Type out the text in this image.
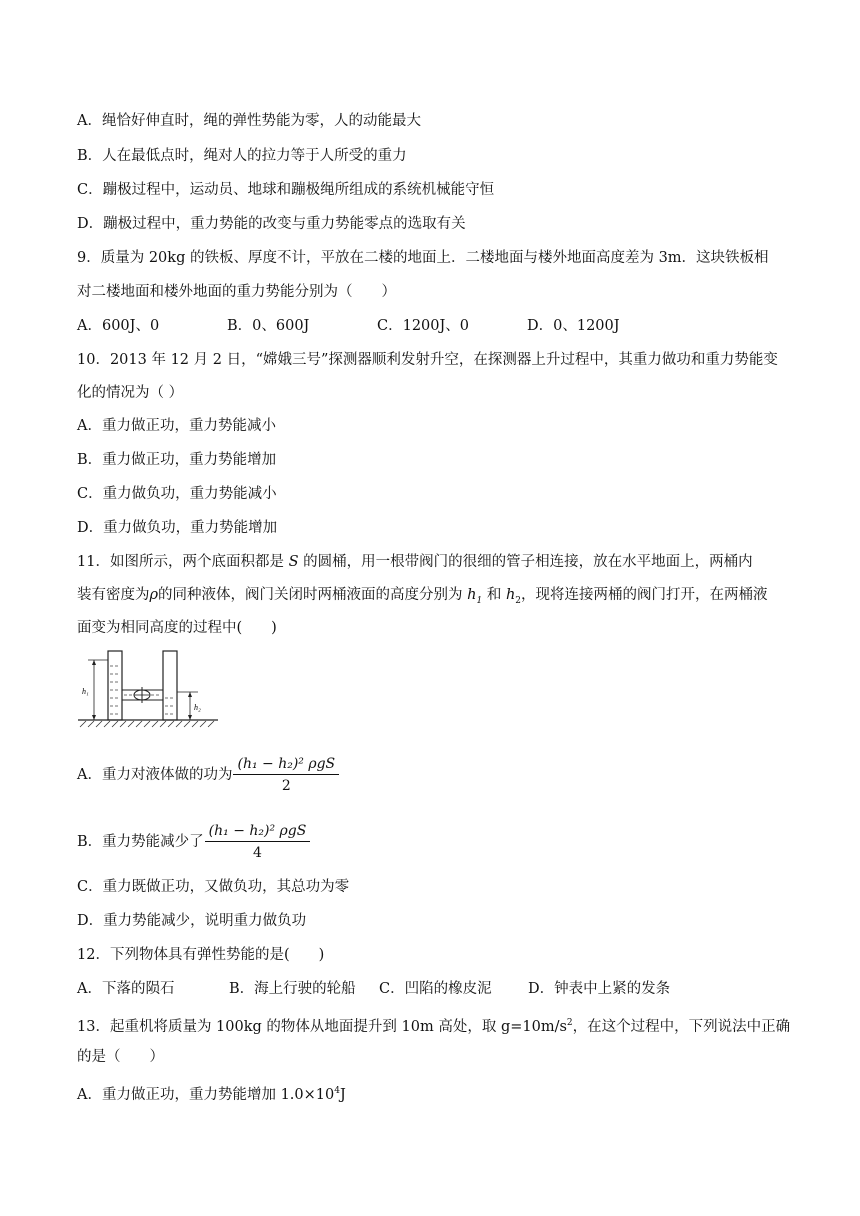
A．绳恰好伸直时，绳的弹性势能为零，人的动能最大
B．人在最低点时，绳对人的拉力等于人所受的重力
C．蹦极过程中，运动员、地球和蹦极绳所组成的系统机械能守恒
D．蹦极过程中，重力势能的改变与重力势能零点的选取有关
9．质量为 20kg 的铁板、厚度不计，平放在二楼的地面上．二楼地面与楼外地面高度差为 3m．这块铁板相
对二楼地面和楼外地面的重力势能分别为（　　）
A．600J、0	B．0、600J	C．1200J、0	D．0、1200J
10．2013 年 12 月 2 日，“嫦娥三号”探测器顺利发射升空，在探测器上升过程中，其重力做功和重力势能变
化的情况为（ ）
A．重力做正功，重力势能减小
B．重力做正功，重力势能增加
C．重力做负功，重力势能减小
D．重力做负功，重力势能增加
11．如图所示，两个底面积都是 S 的圆桶，用一根带阀门的很细的管子相连接，放在水平地面上，两桶内
装有密度为ρ的同种液体，阀门关闭时两桶液面的高度分别为 $h_1$ 和 $h_2$，现将连接两桶的阀门打开，在两桶液
面变为相同高度的过程中(　　)
h₁
h₂
A．重力对液体做的功为 $\frac{\text{(h₁ − h₂)² ρgS}}{2}$
B．重力势能减少了 $\frac{\text{(h₁ − h₂)² ρgS}}{4}$
C．重力既做正功，又做负功，其总功为零
D．重力势能减少，说明重力做负功
12．下列物体具有弹性势能的是(　　)
A．下落的陨石	B．海上行驶的轮船 C．凹陷的橡皮泥	D．钟表中上紧的发条
13．起重机将质量为 100kg 的物体从地面提升到 10m 高处，取 $g=10m/s^2$，在这个过程中，下列说法中正确
的是（　　）
A．重力做正功，重力势能增加 $1.0\times 10^4J$
